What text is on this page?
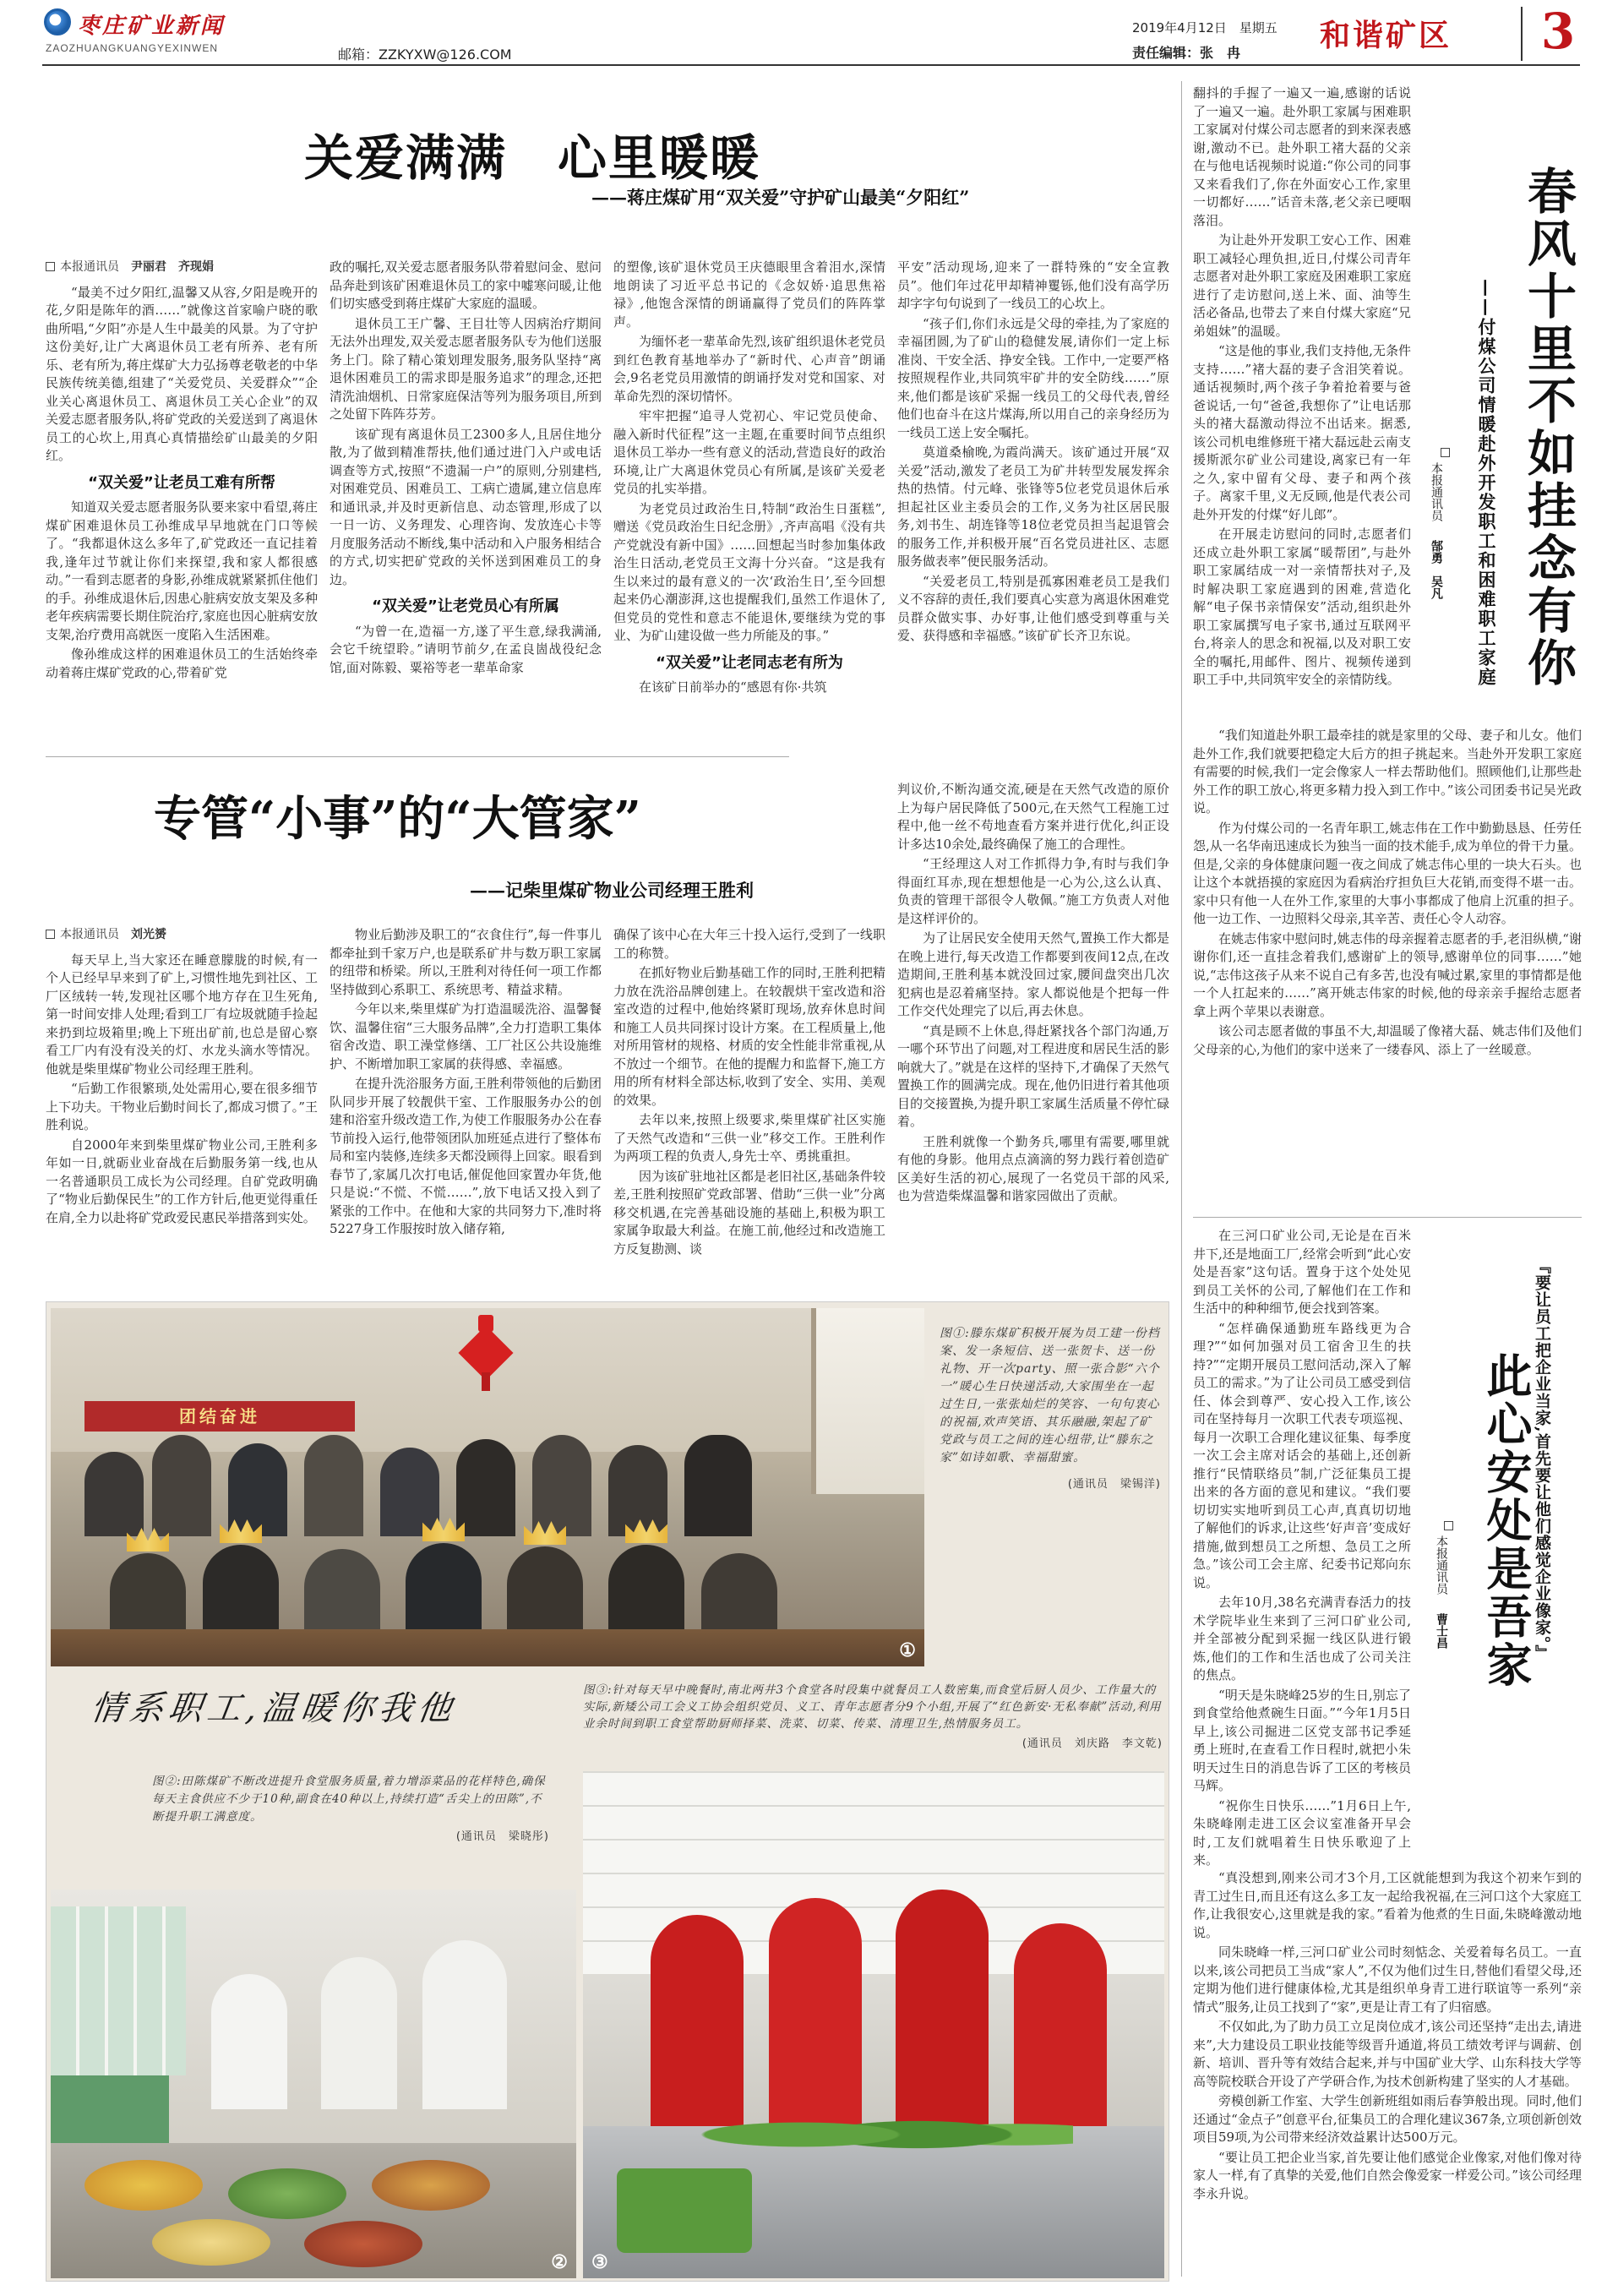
枣庄矿业新闻
ZAOZHUANGKUANGYEXINWEN	邮箱：ZZKYXW@126.COM
2019年4月12日　星期五
责任编辑：张　冉	和谐矿区 3
关爱满满　心里暖暖
——蒋庄煤矿用“双关爱”守护矿山最美“夕阳红”
本报通讯员　 尹丽君　齐现娟

“最美不过夕阳红,温馨又从容,夕阳是晚开的花,夕阳是陈年的酒……”就像这首家喻户晓的歌曲所唱,“夕阳”亦是人生中最美的风景。为了守护这份美好,让广大离退休员工老有所养、老有所乐、老有所为,蒋庄煤矿大力弘扬尊老敬老的中华民族传统美德,组建了“关爱党员、关爱群众”“企业关心离退休员工、离退休员工关心企业”的双关爱志愿者服务队,将矿党政的关爱送到了离退休员工的心坎上,用真心真情描绘矿山最美的夕阳红。

“双关爱”让老员工难有所帮

知道双关爱志愿者服务队要来家中看望,蒋庄煤矿困难退休员工孙维成早早地就在门口等候了。“我都退休这么多年了,矿党政还一直记挂着我,逢年过节就让你们来探望,我和家人都很感动。”一看到志愿者的身影,孙维成就紧紧抓住他们的手。孙维成退休后,因患心脏病安放支架及多种老年疾病需要长期住院治疗,家庭也因心脏病安放支架,治疗费用高就医一度陷入生活困难。

像孙维成这样的困难退休员工的生活始终牵动着蒋庄煤矿党政的心,带着矿党

政的嘱托,双关爱志愿者服务队带着慰问金、慰问品奔赴到该矿困难退休员工的家中嘘寒问暖,让他们切实感受到蒋庄煤矿大家庭的温暖。

退休员工王广馨、王目壮等人因病治疗期间无法外出理发,双关爱志愿者服务队专为他们送服务上门。除了精心策划理发服务,服务队坚持“离退休困难员工的需求即是服务追求”的理念,还把清洗油烟机、日常家庭保洁等列为服务项目,所到之处留下阵阵芬芳。

该矿现有离退休员工2300多人,且居住地分散,为了做到精准帮扶,他们通过进门入户或电话调查等方式,按照“不遗漏一户”的原则,分别建档,对困难党员、困难员工、工病亡遗属,建立信息库和通讯录,并及时更新信息、动态管理,形成了以一日一访、义务理发、心理咨询、发放连心卡等月度服务活动不断线,集中活动和入户服务相结合的方式,切实把矿党政的关怀送到困难员工的身边。

“双关爱”让老党员心有所属

“为曾一在,造福一方,遂了平生意,绿我满涌,会它千统望聆。”请明节前夕,在孟良崮战役纪念馆,面对陈毅、粟裕等老一辈革命家

的塑像,该矿退休党员王庆德眼里含着泪水,深情地朗读了习近平总书记的《念奴娇·追思焦裕禄》,他饱含深情的朗诵赢得了党员们的阵阵掌声。

为缅怀老一辈革命先烈,该矿组织退休老党员到红色教育基地举办了“新时代、心声音”朗诵会,9名老党员用激情的朗诵抒发对党和国家、对革命先烈的深切情怀。

牢牢把握“追寻人党初心、牢记党员使命、融入新时代征程”这一主题,在重要时间节点组织退休员工举办一些有意义的活动,营造良好的政治环境,让广大离退休党员心有所属,是该矿关爱老党员的扎实举措。

为老党员过政治生日,特制“政治生日蛋糕”,赠送《党员政治生日纪念册》,齐声高唱《没有共产党就没有新中国》……回想起当时参加集体政治生日活动,老党员王文海十分兴奋。“这是我有生以来过的最有意义的一次‘政治生日’,至今回想起来仍心潮澎湃,这也提醒我们,虽然工作退休了,但党员的党性和意志不能退休,要继续为党的事业、为矿山建设做一些力所能及的事。”

“双关爱”让老同志老有所为

在该矿日前举办的“感恩有你·共筑

平安”活动现场,迎来了一群特殊的“安全宣教员”。他们年过花甲却精神矍铄,他们没有高学历却字字句句说到了一线员工的心坎上。

“孩子们,你们永远是父母的牵挂,为了家庭的幸福团圆,为了矿山的稳健发展,请你们一定上标准岗、干安全活、挣安全钱。工作中,一定要严格按照规程作业,共同筑牢矿井的安全防线……”原来,他们都是该矿采掘一线员工的父母代表,曾经他们也奋斗在这片煤海,所以用自己的亲身经历为一线员工送上安全嘱托。

莫道桑榆晚,为霞尚满天。该矿通过开展“双关爱”活动,激发了老员工为矿井转型发展发挥余热的热情。付元峰、张锋等5位老党员退休后承担起社区业主委员会的工作,义务为社区居民服务,刘书生、胡连锋等18位老党员担当起退管会的服务工作,并积极开展“百名党员进社区、志愿服务做表率”便民服务活动。

“关爱老员工,特别是孤寡困难老员工是我们义不容辞的责任,我们要真心实意为离退休困难党员群众做实事、办好事,让他们感受到尊重与关爱、获得感和幸福感。”该矿矿长齐卫东说。

专管“小事”的“大管家”
——记柴里煤矿物业公司经理王胜利
本报通讯员　 刘光赟

每天早上,当大家还在睡意朦胧的时候,有一个人已经早早来到了矿上,习惯性地先到社区、工厂区绒转一转,发现社区哪个地方存在卫生死角,第一时间安排人处理;看到工厂有垃圾就随手捡起来扔到垃圾箱里;晚上下班出矿前,也总是留心察看工厂内有没有没关的灯、水龙头滴水等情况。他就是柴里煤矿物业公司经理王胜利。

“后勤工作很繁琐,处处需用心,要在很多细节上下功夫。干物业后勤时间长了,都成习惯了。”王胜利说。

自2000年来到柴里煤矿物业公司,王胜利多年如一日,就砺业业奋战在后勤服务第一线,也从一名普通职员工成长为公司经理。自矿党政明确了“物业后勤保民生”的工作方针后,他更觉得重任在肩,全力以赴将矿党政爱民惠民举措落到实处。

物业后勤涉及职工的“衣食住行”,每一件事儿都牵扯到千家万户,也是联系矿井与数万职工家属的纽带和桥梁。所以,王胜利对待任何一项工作都坚持做到心系职工、系统思考、精益求精。

今年以来,柴里煤矿为打造温暖洗浴、温馨餐饮、温馨住宿“三大服务品牌”,全力打造职工集体宿舍改造、职工澡堂修缮、工厂社区公共设施维护、不断增加职工家属的获得感、幸福感。

在提升洗浴服务方面,王胜利带领他的后勤团队同步开展了较靓供干室、工作服服务办公的创建和浴室升级改造工作,为使工作服服务办公在春节前投入运行,他带领团队加班延点进行了整体布局和室内装修,连续多天都没顾得上回家。眼看到春节了,家属几次打电话,催促他回家置办年货,他只是说:“不慌、不慌……”,放下电话又投入到了紧张的工作中。在他和大家的共同努力下,准时将5227身工作服按时放入储存箱,

确保了该中心在大年三十投入运行,受到了一线职工的称赞。

在抓好物业后勤基础工作的同时,王胜利把精力放在洗浴品牌创建上。在较靓烘干室改造和浴室改造的过程中,他始终紧盯现场,放弃休息时间和施工人员共同探讨设计方案。在工程质量上,他对所用管材的规格、材质的安全性能非常重视,从不放过一个细节。在他的提醒力和监督下,施工方用的所有材料全部达标,收到了安全、实用、美观的效果。

去年以来,按照上级要求,柴里煤矿社区实施了天然气改造和“三供一业”移交工作。王胜利作为两项工程的负责人,身先士卒、勇挑重担。

因为该矿驻地社区都是老旧社区,基础条件较差,王胜利按照矿党政部署、借助“三供一业”分离移交机遇,在完善基础设施的基础上,积极为职工家属争取最大利益。在施工前,他经过和改造施工方反复勘测、谈

判议价,不断沟通交流,硬是在天然气改造的原价上为每户居民降低了500元,在天然气工程施工过程中,他一丝不苟地查看方案并进行优化,纠正设计多达10余处,最终确保了施工的合理性。

“王经理这人对工作抓得力争,有时与我们争得面红耳赤,现在想想他是一心为公,这么认真、负责的管理干部很令人敬佩。”施工方负责人对他是这样评价的。

为了让居民安全使用天然气,置换工作大都是在晚上进行,每天改造工作都要到夜间12点,在改造期间,王胜利基本就没回过家,腰间盘突出几次犯病也是忍着痛坚持。家人都说他是个把每一件工作交代处理完了以后,再去休息。

“真是顾不上休息,得赶紧找各个部门沟通,万一哪个环节出了问题,对工程进度和居民生活的影响就大了。”就是在这样的坚持下,才确保了天然气置换工作的圆满完成。现在,他仍旧进行着其他项目的交接置换,为提升职工家属生活质量不停忙碌着。

王胜利就像一个勤务兵,哪里有需要,哪里就有他的身影。他用点点滴滴的努力践行着创造矿区美好生活的初心,展现了一名党员干部的风采,也为营造柴煤温馨和谐家园做出了贡献。

翻抖的手握了一遍又一遍,感谢的话说了一遍又一遍。赴外职工家属与困难职工家属对付煤公司志愿者的到来深表感谢,激动不已。赴外职工褚大磊的父亲在与他电话视频时说道:“你公司的同事又来看我们了,你在外面安心工作,家里一切都好……”话音未落,老父亲已哽咽落泪。

为让赴外开发职工安心工作、困难职工减轻心理负担,近日,付煤公司青年志愿者对赴外职工家庭及困难职工家庭进行了走访慰问,送上米、面、油等生活必备品,也带去了来自付煤大家庭“兄弟姐妹”的温暖。

“这是他的事业,我们支持他,无条件支持……”褚大磊的妻子含泪笑着说。通话视频时,两个孩子争着抢着要与爸爸说话,一句“爸爸,我想你了”让电话那头的褚大磊激动得泣不出话来。据悉,该公司机电维修班干褚大磊远赴云南支援斯派尔矿业公司建设,离家已有一年之久,家中留有父母、妻子和两个孩子。离家千里,义无反顾,他是代表公司赴外开发的付煤“好儿郎”。

在开展走访慰问的同时,志愿者们还成立赴外职工家属“暖帮团”,与赴外职工家属结成一对一亲情帮扶对子,及时解决职工家庭遇到的困难,营造化解“电子保书亲情保安”活动,组织赴外职工家属撰写电子家书,通过互联网平台,将亲人的思念和祝福,以及对职工安全的嘱托,用邮件、图片、视频传递到职工手中,共同筑牢安全的亲情防线。 春风十里不如挂念有你
——付煤公司情暖赴外开发职工和困难职工家庭
本报通讯员
郜勇　吴凡

“我们知道赴外职工最牵挂的就是家里的父母、妻子和儿女。他们赴外工作,我们就要把稳定大后方的担子挑起来。当赴外开发职工家庭有需要的时候,我们一定会像家人一样去帮助他们。照顾他们,让那些赴外工作的职工放心,将更多精力投入到工作中。”该公司团委书记吴光政说。

作为付煤公司的一名青年职工,姚志伟在工作中勤勤恳恳、任劳任怨,从一名华南迅速成长为独当一面的技术能手,成为单位的骨干力量。但是,父亲的身体健康问题一夜之间成了姚志伟心里的一块大石头。也让这个本就捂摸的家庭因为看病治疗担负巨大花销,而变得不堪一击。家中只有他一人在外工作,家里的大事小事都成了他肩上沉重的担子。他一边工作、一边照料父母亲,其辛苦、责任心令人动容。

在姚志伟家中慰问时,姚志伟的母亲握着志愿者的手,老泪纵横,“谢谢你们,还一直挂念着我们,感谢矿上的领导,感谢单位的同事……”她说,“志伟这孩子从来不说自己有多苦,也没有喊过累,家里的事情都是他一个人扛起来的……”离开姚志伟家的时候,他的母亲亲手握给志愿者拿上两个苹果以表谢意。

该公司志愿者做的事虽不大,却温暖了像褚大磊、姚志伟们及他们父母亲的心,为他们的家中送来了一缕春风、添上了一丝暖意。

在三河口矿业公司,无论是在百米井下,还是地面工厂,经常会听到“此心安处是吾家”这句话。置身于这个处处见到员工关怀的公司,了解他们在工作和生活中的种种细节,便会找到答案。

“怎样确保通勤班车路线更为合理?”“如何加强对员工宿舍卫生的扶持?”“定期开展员工慰问活动,深入了解员工的需求。”为了让公司员工感受到信任、体会到尊严、安心投入工作,该公司在坚持每月一次职工代表专项巡视、每月一次职工合理化建议征集、每季度一次工会主席对话会的基础上,还创新推行“民情联络员”制,广泛征集员工提出来的各方面的意见和建议。“我们要切切实实地听到员工心声,真真切切地了解他们的诉求,让这些‘好声音’变成好措施,做到想员工之所想、急员工之所急。”该公司工会主席、纪委书记郑向东说。

去年10月,38名充满青春活力的技术学院毕业生来到了三河口矿业公司,并全部被分配到采掘一线区队进行锻炼,他们的工作和生活也成了公司关注的焦点。

“明天是朱晓峰25岁的生日,别忘了到食堂给他煮碗生日面。”“今年1月5日早上,该公司掘进二区党支部书记季延勇上班时,在查看工作日程时,就把小朱明天过生日的消息告诉了工区的考核员马辉。

“祝你生日快乐……”1月6日上午,朱晓峰刚走进工区会议室准备开早会时,工友们就唱着生日快乐歌迎了上来。

『要让员工把企业当家,首先要让他们感觉企业像家。』
此心安处是吾家
本报通讯员
曹士昌

“真没想到,刚来公司才3个月,工区就能想到为我这个初来乍到的青工过生日,而且还有这么多工友一起给我祝福,在三河口这个大家庭工作,让我很安心,这里就是我的家。”看着为他煮的生日面,朱晓峰激动地说。

同朱晓峰一样,三河口矿业公司时刻惦念、关爱着每名员工。一直以来,该公司把员工当成“家人”,不仅为他们过生日,替他们看望父母,还定期为他们进行健康体检,尤其是组织单身青工进行联谊等一系列“亲情式”服务,让员工找到了“家”,更是让青工有了归宿感。

不仅如此,为了助力员工立足岗位成才,该公司还坚持“走出去,请进来”,大力建设员工职业技能等级晋升通道,将员工绩效考评与调薪、创新、培训、晋升等有效结合起来,并与中国矿业大学、山东科技大学等高等院校联合开设了产学研合作,为技术创新构建了坚实的人才基础。

旁模创新工作室、大学生创新班组如雨后春笋般出现。同时,他们还通过“金点子”创意平台,征集员工的合理化建议367条,立项创新创效项目59项,为公司带来经济效益累计达500万元。

“要让员工把企业当家,首先要让他们感觉企业像家,对他们像对待家人一样,有了真挚的关爱,他们自然会像爱家一样爱公司。”该公司经理李永升说。

团结奋进
①
图①:滕东煤矿积极开展为员工建一份档案、发一条短信、送一张贺卡、送一份礼物、开一次party、照一张合影“六个一”暖心生日快递活动,大家围坐在一起过生日,一张张灿烂的笑容、一句句衷心的祝福,欢声笑语、其乐融融,架起了矿党政与员工之间的连心纽带,让“滕东之家”如诗如歌、幸福甜蜜。
(通讯员　梁锡洋)
情系职工,温暖你我他	图③:针对每天早中晚餐时,南北两井3个食堂各时段集中就餐员工人数密集,而食堂后厨人员少、工作量大的实际,新矮公司工会义工协会组织党员、义工、青年志愿者分9个小组,开展了“红色新安·无私奉献”活动,利用业余时间到职工食堂帮助厨师择菜、洗菜、切菜、传菜、清理卫生,热情服务员工。
(通讯员　刘庆路　李文乾)
图②:田陈煤矿不断改进提升食堂服务质量,着力增添菜品的花样特色,确保每天主食供应不少于10种,副食在40种以上,持续打造“舌尖上的田陈”,不断提升职工满意度。
(通讯员　梁晓彤)
② ③
